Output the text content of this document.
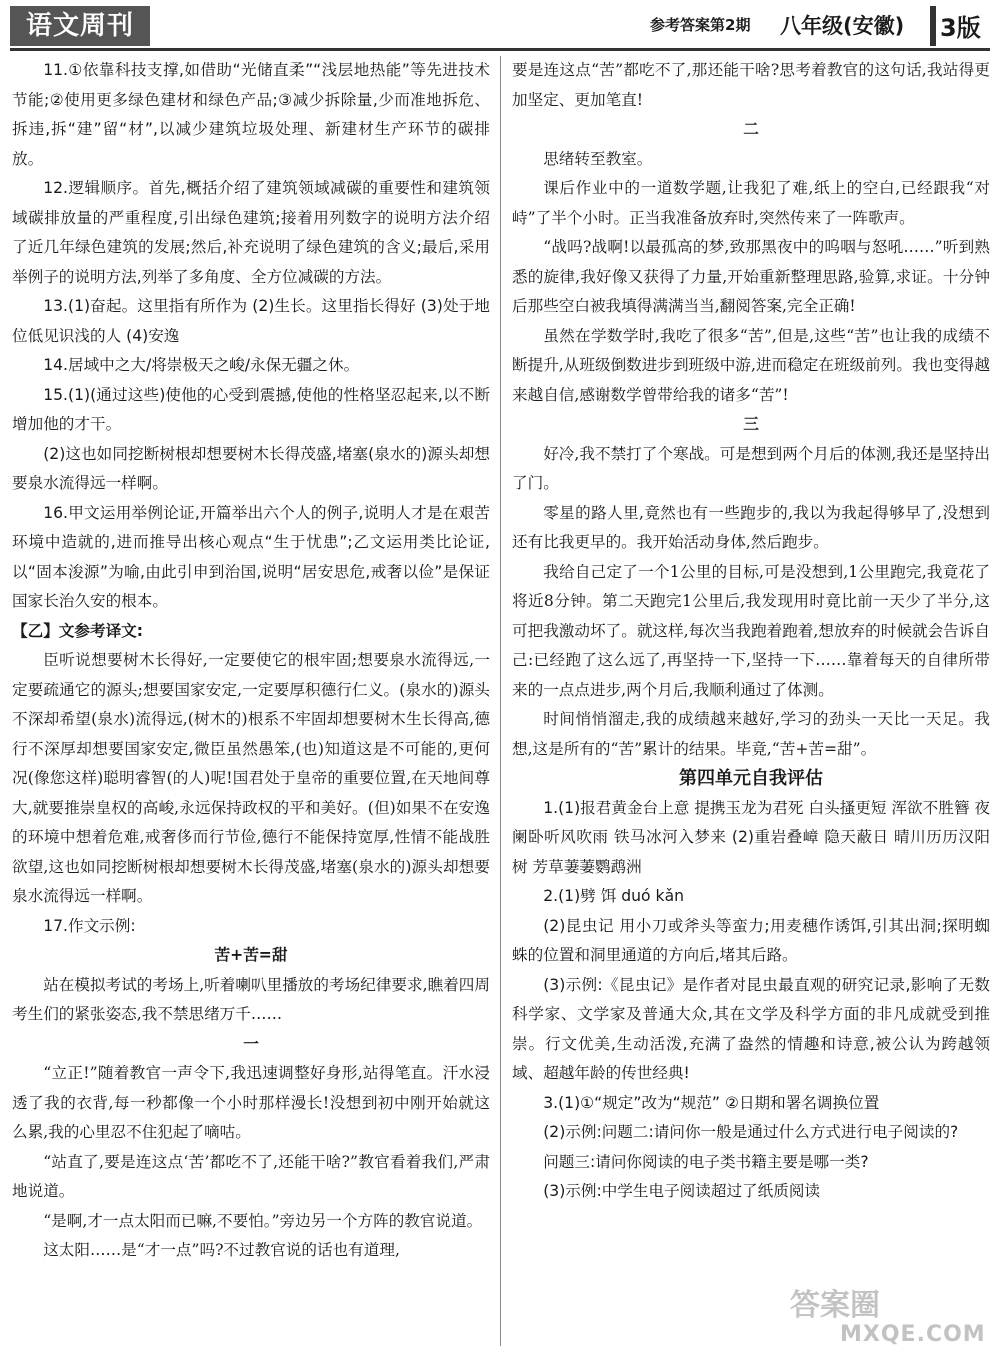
语文周刊	参考答案第2期 八年级(安徽) 3版

11.①依靠科技支撑,如借助“光储直柔”“浅层地热能”等先进技术节能;②使用更多绿色建材和绿色产品;③减少拆除量,少而准地拆危、拆违,拆“建”留“材”,以减少建筑垃圾处理、新建材生产环节的碳排放。

12.逻辑顺序。首先,概括介绍了建筑领域减碳的重要性和建筑领域碳排放量的严重程度,引出绿色建筑;接着用列数字的说明方法介绍了近几年绿色建筑的发展;然后,补充说明了绿色建筑的含义;最后,采用举例子的说明方法,列举了多角度、全方位减碳的方法。

13.(1)奋起。这里指有所作为 (2)生长。这里指长得好 (3)处于地位低见识浅的人 (4)安逸

14.居域中之大/将崇极天之峻/永保无疆之休。

15.(1)(通过这些)使他的心受到震撼,使他的性格坚忍起来,以不断增加他的才干。

(2)这也如同挖断树根却想要树木长得茂盛,堵塞(泉水的)源头却想要泉水流得远一样啊。

16.甲文运用举例论证,开篇举出六个人的例子,说明人才是在艰苦环境中造就的,进而推导出核心观点“生于忧患”;乙文运用类比论证,以“固本浚源”为喻,由此引申到治国,说明“居安思危,戒奢以俭”是保证国家长治久安的根本。

【乙】文参考译文:

臣听说想要树木长得好,一定要使它的根牢固;想要泉水流得远,一定要疏通它的源头;想要国家安定,一定要厚积德行仁义。(泉水的)源头不深却希望(泉水)流得远,(树木的)根系不牢固却想要树木生长得高,德行不深厚却想要国家安定,微臣虽然愚笨,(也)知道这是不可能的,更何况(像您这样)聪明睿智(的人)呢!国君处于皇帝的重要位置,在天地间尊大,就要推崇皇权的高峻,永远保持政权的平和美好。(但)如果不在安逸的环境中想着危难,戒奢侈而行节俭,德行不能保持宽厚,性情不能战胜欲望,这也如同挖断树根却想要树木长得茂盛,堵塞(泉水的)源头却想要泉水流得远一样啊。

17.作文示例:

苦+苦=甜

站在模拟考试的考场上,听着喇叭里播放的考场纪律要求,瞧着四周考生们的紧张姿态,我不禁思绪万千……

一

“立正!”随着教官一声令下,我迅速调整好身形,站得笔直。汗水浸透了我的衣背,每一秒都像一个小时那样漫长!没想到初中刚开始就这么累,我的心里忍不住犯起了嘀咕。

“站直了,要是连这点‘苦’都吃不了,还能干啥?”教官看着我们,严肃地说道。

“是啊,才一点太阳而已嘛,不要怕。”旁边另一个方阵的教官说道。

这太阳……是“才一点”吗?不过教官说的话也有道理,

要是连这点“苦”都吃不了,那还能干啥?思考着教官的这句话,我站得更加坚定、更加笔直!

二

思绪转至教室。

课后作业中的一道数学题,让我犯了难,纸上的空白,已经跟我“对峙”了半个小时。正当我准备放弃时,突然传来了一阵歌声。

“战吗?战啊!以最孤高的梦,致那黑夜中的呜咽与怒吼……”听到熟悉的旋律,我好像又获得了力量,开始重新整理思路,验算,求证。十分钟后那些空白被我填得满满当当,翻阅答案,完全正确!

虽然在学数学时,我吃了很多“苦”,但是,这些“苦”也让我的成绩不断提升,从班级倒数进步到班级中游,进而稳定在班级前列。我也变得越来越自信,感谢数学曾带给我的诸多“苦”!

三

好冷,我不禁打了个寒战。可是想到两个月后的体测,我还是坚持出了门。

零星的路人里,竟然也有一些跑步的,我以为我起得够早了,没想到还有比我更早的。我开始活动身体,然后跑步。

我给自己定了一个1公里的目标,可是没想到,1公里跑完,我竟花了将近8分钟。第二天跑完1公里后,我发现用时竟比前一天少了半分,这可把我激动坏了。就这样,每次当我跑着跑着,想放弃的时候就会告诉自己:已经跑了这么远了,再坚持一下,坚持一下……靠着每天的自律所带来的一点点进步,两个月后,我顺利通过了体测。

时间悄悄溜走,我的成绩越来越好,学习的劲头一天比一天足。我想,这是所有的“苦”累计的结果。毕竟,“苦+苦=甜”。

第四单元自我评估

1.(1)报君黄金台上意 提携玉龙为君死 白头搔更短 浑欲不胜簪 夜阑卧听风吹雨 铁马冰河入梦来 (2)重岩叠嶂 隐天蔽日 晴川历历汉阳树 芳草萋萋鹦鹉洲

2.(1)劈 饵 duó kǎn

(2)昆虫记 用小刀或斧头等蛮力;用麦穗作诱饵,引其出洞;探明蜘蛛的位置和洞里通道的方向后,堵其后路。

(3)示例:《昆虫记》是作者对昆虫最直观的研究记录,影响了无数科学家、文学家及普通大众,其在文学及科学方面的非凡成就受到推崇。行文优美,生动活泼,充满了盎然的情趣和诗意,被公认为跨越领域、超越年龄的传世经典!

3.(1)①“规定”改为“规范” ②日期和署名调换位置

(2)示例:问题二:请问你一般是通过什么方式进行电子阅读的?

问题三:请问你阅读的电子类书籍主要是哪一类?

(3)示例:中学生电子阅读超过了纸质阅读

答案圈
MXQE.COM
